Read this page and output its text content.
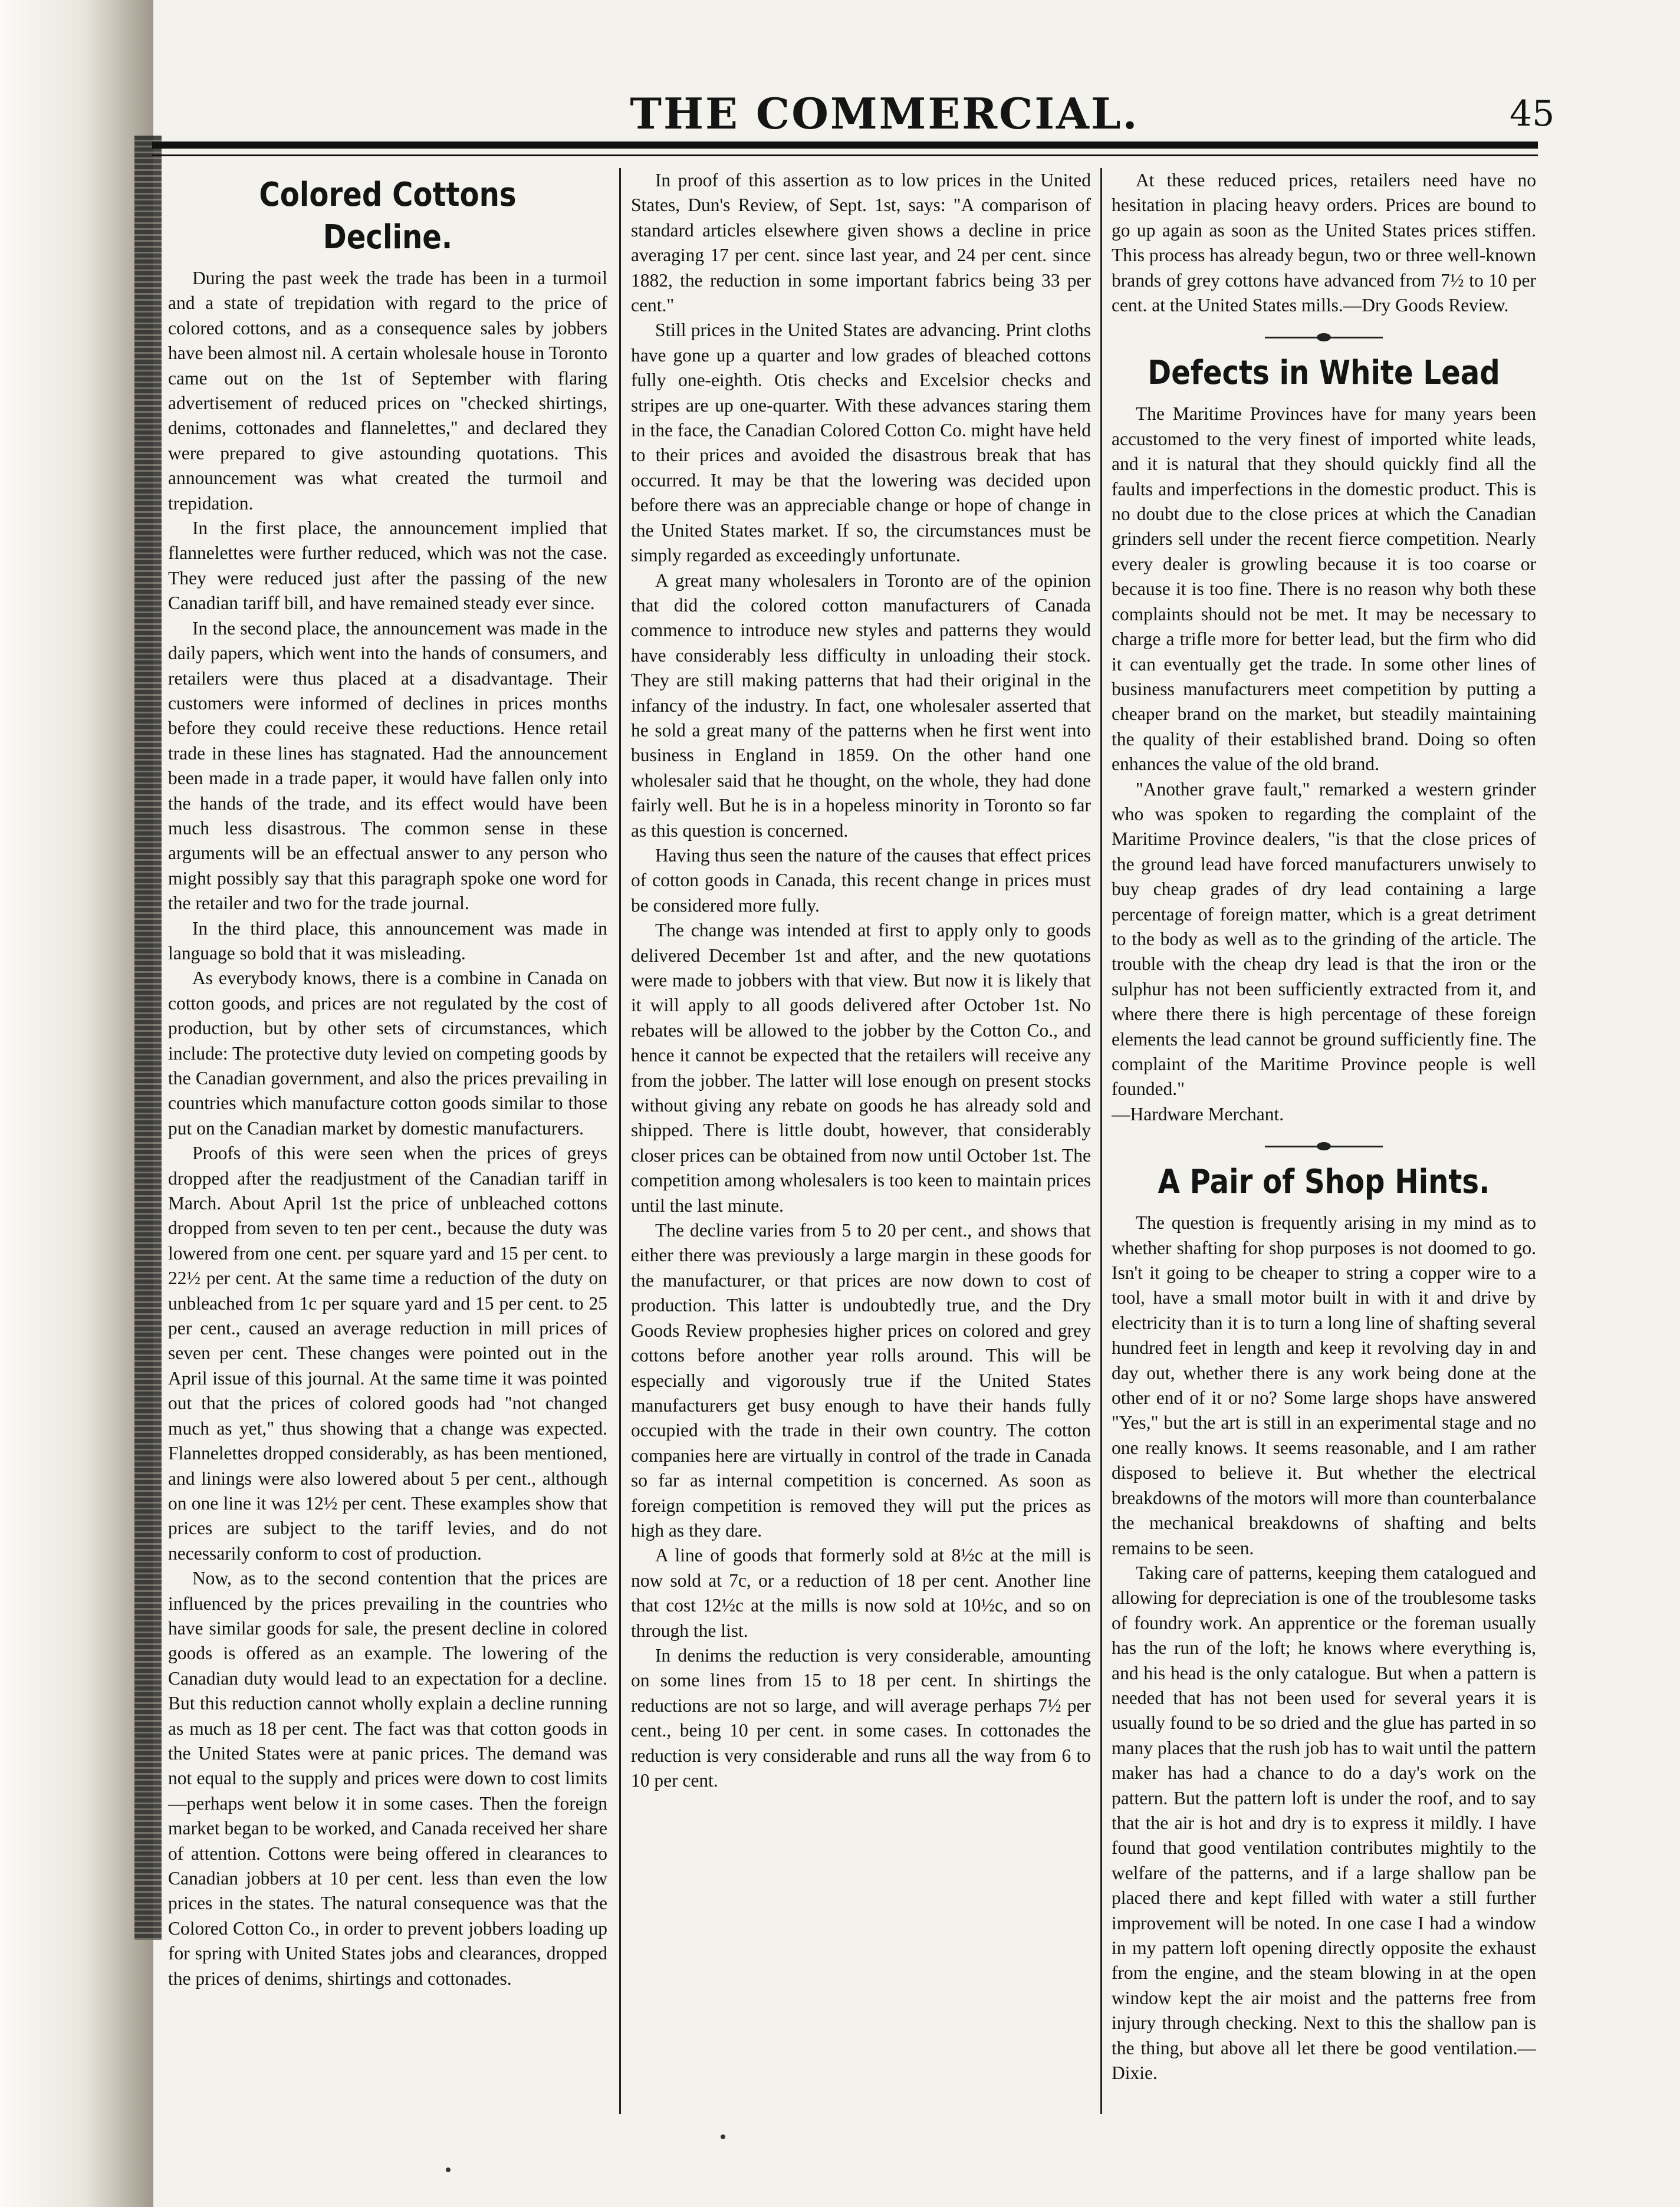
THE COMMERCIAL.	45
Colored Cottons Decline.

During the past week the trade has been in a turmoil and a state of trepidation with regard to the price of colored cottons, and as a consequence sales by jobbers have been almost nil. A certain wholesale house in Toronto came out on the 1st of September with flaring advertisement of reduced prices on "checked shirtings, denims, cottonades and flannelettes," and declared they were prepared to give astounding quotations. This announcement was what created the turmoil and trepidation.

In the first place, the announcement implied that flannelettes were further reduced, which was not the case. They were reduced just after the passing of the new Canadian tariff bill, and have remained steady ever since.

In the second place, the announcement was made in the daily papers, which went into the hands of consumers, and retailers were thus placed at a disadvantage. Their customers were informed of declines in prices months before they could receive these reductions. Hence retail trade in these lines has stagnated. Had the announcement been made in a trade paper, it would have fallen only into the hands of the trade, and its effect would have been much less disastrous. The common sense in these arguments will be an effectual answer to any person who might possibly say that this paragraph spoke one word for the retailer and two for the trade journal.

In the third place, this announcement was made in language so bold that it was misleading.

As everybody knows, there is a combine in Canada on cotton goods, and prices are not regulated by the cost of production, but by other sets of circumstances, which include: The protective duty levied on competing goods by the Canadian government, and also the prices prevailing in countries which manufacture cotton goods similar to those put on the Canadian market by domestic manufacturers.

Proofs of this were seen when the prices of greys dropped after the readjustment of the Canadian tariff in March. About April 1st the price of unbleached cottons dropped from seven to ten per cent., because the duty was lowered from one cent. per square yard and 15 per cent. to 22½ per cent. At the same time a reduction of the duty on unbleached from 1c per square yard and 15 per cent. to 25 per cent., caused an average reduction in mill prices of seven per cent. These changes were pointed out in the April issue of this journal. At the same time it was pointed out that the prices of colored goods had "not changed much as yet," thus showing that a change was expected. Flannelettes dropped considerably, as has been mentioned, and linings were also lowered about 5 per cent., although on one line it was 12½ per cent. These examples show that prices are subject to the tariff levies, and do not necessarily conform to cost of production.

Now, as to the second contention that the prices are influenced by the prices prevailing in the countries who have similar goods for sale, the present decline in colored goods is offered as an example. The lowering of the Canadian duty would lead to an expectation for a decline. But this reduction cannot wholly explain a decline running as much as 18 per cent. The fact was that cotton goods in the United States were at panic prices. The demand was not equal to the supply and prices were down to cost limits—perhaps went below it in some cases. Then the foreign market began to be worked, and Canada received her share of attention. Cottons were being offered in clearances to Canadian jobbers at 10 per cent. less than even the low prices in the states. The natural consequence was that the Colored Cotton Co., in order to prevent jobbers loading up for spring with United States jobs and clearances, dropped the prices of denims, shirtings and cottonades.

In proof of this assertion as to low prices in the United States, Dun's Review, of Sept. 1st, says: "A comparison of standard articles elsewhere given shows a decline in price averaging 17 per cent. since last year, and 24 per cent. since 1882, the reduction in some important fabrics being 33 per cent."

Still prices in the United States are advancing. Print cloths have gone up a quarter and low grades of bleached cottons fully one-eighth. Otis checks and Excelsior checks and stripes are up one-quarter. With these advances staring them in the face, the Canadian Colored Cotton Co. might have held to their prices and avoided the disastrous break that has occurred. It may be that the lowering was decided upon before there was an appreciable change or hope of change in the United States market. If so, the circumstances must be simply regarded as exceedingly unfortunate.

A great many wholesalers in Toronto are of the opinion that did the colored cotton manufacturers of Canada commence to introduce new styles and patterns they would have considerably less difficulty in unloading their stock. They are still making patterns that had their original in the infancy of the industry. In fact, one wholesaler asserted that he sold a great many of the patterns when he first went into business in England in 1859. On the other hand one wholesaler said that he thought, on the whole, they had done fairly well. But he is in a hopeless minority in Toronto so far as this question is concerned.

Having thus seen the nature of the causes that effect prices of cotton goods in Canada, this recent change in prices must be considered more fully.

The change was intended at first to apply only to goods delivered December 1st and after, and the new quotations were made to jobbers with that view. But now it is likely that it will apply to all goods delivered after October 1st. No rebates will be allowed to the jobber by the Cotton Co., and hence it cannot be expected that the retailers will receive any from the jobber. The latter will lose enough on present stocks without giving any rebate on goods he has already sold and shipped. There is little doubt, however, that considerably closer prices can be obtained from now until October 1st. The competition among wholesalers is too keen to maintain prices until the last minute.

The decline varies from 5 to 20 per cent., and shows that either there was previously a large margin in these goods for the manufacturer, or that prices are now down to cost of production. This latter is undoubtedly true, and the Dry Goods Review prophesies higher prices on colored and grey cottons before another year rolls around. This will be especially and vigorously true if the United States manufacturers get busy enough to have their hands fully occupied with the trade in their own country. The cotton companies here are virtually in control of the trade in Canada so far as internal competition is concerned. As soon as foreign competition is removed they will put the prices as high as they dare.

A line of goods that formerly sold at 8½c at the mill is now sold at 7c, or a reduction of 18 per cent. Another line that cost 12½c at the mills is now sold at 10½c, and so on through the list.

In denims the reduction is very considerable, amounting on some lines from 15 to 18 per cent. In shirtings the reductions are not so large, and will average perhaps 7½ per cent., being 10 per cent. in some cases. In cottonades the reduction is very considerable and runs all the way from 6 to 10 per cent.

At these reduced prices, retailers need have no hesitation in placing heavy orders. Prices are bound to go up again as soon as the United States prices stiffen. This process has already begun, two or three well-known brands of grey cottons have advanced from 7½ to 10 per cent. at the United States mills.—Dry Goods Review.

Defects in White Lead

The Maritime Provinces have for many years been accustomed to the very finest of imported white leads, and it is natural that they should quickly find all the faults and imperfections in the domestic product. This is no doubt due to the close prices at which the Canadian grinders sell under the recent fierce competition. Nearly every dealer is growling because it is too coarse or because it is too fine. There is no reason why both these complaints should not be met. It may be necessary to charge a trifle more for better lead, but the firm who did it can eventually get the trade. In some other lines of business manufacturers meet competition by putting a cheaper brand on the market, but steadily maintaining the quality of their established brand. Doing so often enhances the value of the old brand.

"Another grave fault," remarked a western grinder who was spoken to regarding the complaint of the Maritime Province dealers, "is that the close prices of the ground lead have forced manufacturers unwisely to buy cheap grades of dry lead containing a large percentage of foreign matter, which is a great detriment to the body as well as to the grinding of the article. The trouble with the cheap dry lead is that the iron or the sulphur has not been sufficiently extracted from it, and where there there is high percentage of these foreign elements the lead cannot be ground sufficiently fine. The complaint of the Maritime Province people is well founded."

—Hardware Merchant.

A Pair of Shop Hints.

The question is frequently arising in my mind as to whether shafting for shop purposes is not doomed to go. Isn't it going to be cheaper to string a copper wire to a tool, have a small motor built in with it and drive by electricity than it is to turn a long line of shafting several hundred feet in length and keep it revolving day in and day out, whether there is any work being done at the other end of it or no? Some large shops have answered "Yes," but the art is still in an experimental stage and no one really knows. It seems reasonable, and I am rather disposed to believe it. But whether the electrical breakdowns of the motors will more than counterbalance the mechanical breakdowns of shafting and belts remains to be seen.

Taking care of patterns, keeping them catalogued and allowing for depreciation is one of the troublesome tasks of foundry work. An apprentice or the foreman usually has the run of the loft; he knows where everything is, and his head is the only catalogue. But when a pattern is needed that has not been used for several years it is usually found to be so dried and the glue has parted in so many places that the rush job has to wait until the pattern maker has had a chance to do a day's work on the pattern. But the pattern loft is under the roof, and to say that the air is hot and dry is to express it mildly. I have found that good ventilation contributes mightily to the welfare of the patterns, and if a large shallow pan be placed there and kept filled with water a still further improvement will be noted. In one case I had a window in my pattern loft opening directly opposite the exhaust from the engine, and the steam blowing in at the open window kept the air moist and the patterns free from injury through checking. Next to this the shallow pan is the thing, but above all let there be good ventilation.—Dixie.
